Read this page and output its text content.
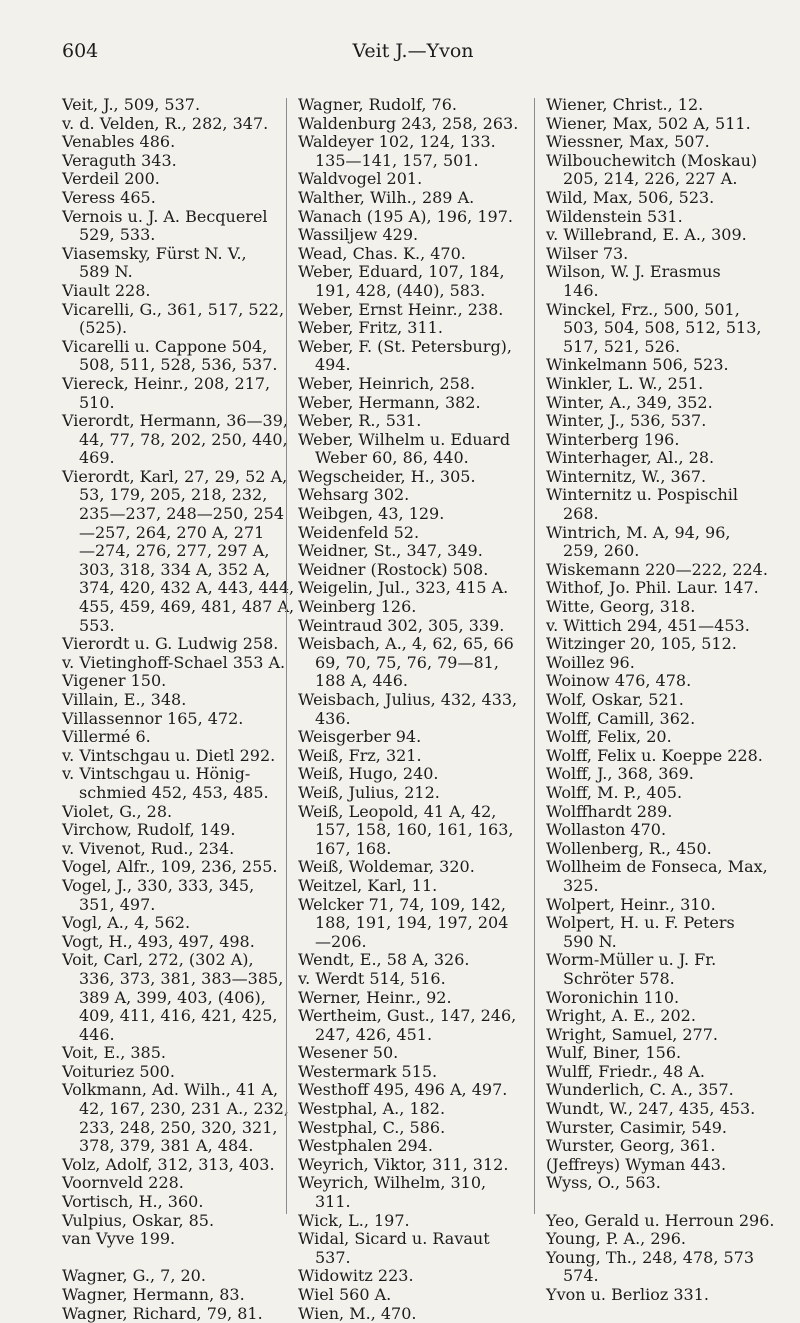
604	Veit J.—Yvon
Veit, J., 509, 537.
v. d. Velden, R., 282, 347.
Venables 486.
Veraguth 343.
Verdeil 200.
Veress 465.
Vernois u. J. A. Becquerel
529, 533.
Viasemsky, Fürst N. V.,
589 N.
Viault 228.
Vicarelli, G., 361, 517, 522,
(525).
Vicarelli u. Cappone 504,
508, 511, 528, 536, 537.
Viereck, Heinr., 208, 217,
510.
Vierordt, Hermann, 36—39,
44, 77, 78, 202, 250, 440,
469.
Vierordt, Karl, 27, 29, 52 A,
53, 179, 205, 218, 232,
235—237, 248—250, 254
—257, 264, 270 A, 271
—274, 276, 277, 297 A,
303, 318, 334 A, 352 A,
374, 420, 432 A, 443, 444,
455, 459, 469, 481, 487 A,
553.
Vierordt u. G. Ludwig 258.
v. Vietinghoff-Schael 353 A.
Vigener 150.
Villain, E., 348.
Villassennor 165, 472.
Villermé 6.
v. Vintschgau u. Dietl 292.
v. Vintschgau u. Hönig-
schmied 452, 453, 485.
Violet, G., 28.
Virchow, Rudolf, 149.
v. Vivenot, Rud., 234.
Vogel, Alfr., 109, 236, 255.
Vogel, J., 330, 333, 345,
351, 497.
Vogl, A., 4, 562.
Vogt, H., 493, 497, 498.
Voit, Carl, 272, (302 A),
336, 373, 381, 383—385,
389 A, 399, 403, (406),
409, 411, 416, 421, 425,
446.
Voit, E., 385.
Voituriez 500.
Volkmann, Ad. Wilh., 41 A,
42, 167, 230, 231 A., 232,
233, 248, 250, 320, 321,
378, 379, 381 A, 484.
Volz, Adolf, 312, 313, 403.
Voornveld 228.
Vortisch, H., 360.
Vulpius, Oskar, 85.
van Vyve 199.
Wagner, G., 7, 20.
Wagner, Hermann, 83.
Wagner, Richard, 79, 81.
Wagner, Rudolf, 76.
Waldenburg 243, 258, 263.
Waldeyer 102, 124, 133.
135—141, 157, 501.
Waldvogel 201.
Walther, Wilh., 289 A.
Wanach (195 A), 196, 197.
Wassiljew 429.
Wead, Chas. K., 470.
Weber, Eduard, 107, 184,
191, 428, (440), 583.
Weber, Ernst Heinr., 238.
Weber, Fritz, 311.
Weber, F. (St. Petersburg),
494.
Weber, Heinrich, 258.
Weber, Hermann, 382.
Weber, R., 531.
Weber, Wilhelm u. Eduard
Weber 60, 86, 440.
Wegscheider, H., 305.
Wehsarg 302.
Weibgen, 43, 129.
Weidenfeld 52.
Weidner, St., 347, 349.
Weidner (Rostock) 508.
Weigelin, Jul., 323, 415 A.
Weinberg 126.
Weintraud 302, 305, 339.
Weisbach, A., 4, 62, 65, 66
69, 70, 75, 76, 79—81,
188 A, 446.
Weisbach, Julius, 432, 433,
436.
Weisgerber 94.
Weiß, Frz, 321.
Weiß, Hugo, 240.
Weiß, Julius, 212.
Weiß, Leopold, 41 A, 42,
157, 158, 160, 161, 163,
167, 168.
Weiß, Woldemar, 320.
Weitzel, Karl, 11.
Welcker 71, 74, 109, 142,
188, 191, 194, 197, 204
—206.
Wendt, E., 58 A, 326.
v. Werdt 514, 516.
Werner, Heinr., 92.
Wertheim, Gust., 147, 246,
247, 426, 451.
Wesener 50.
Westermark 515.
Westhoff 495, 496 A, 497.
Westphal, A., 182.
Westphal, C., 586.
Westphalen 294.
Weyrich, Viktor, 311, 312.
Weyrich, Wilhelm, 310,
311.
Wick, L., 197.
Widal, Sicard u. Ravaut
537.
Widowitz 223.
Wiel 560 A.
Wien, M., 470.
Wiener, Christ., 12.
Wiener, Max, 502 A, 511.
Wiessner, Max, 507.
Wilbouchewitch (Moskau)
205, 214, 226, 227 A.
Wild, Max, 506, 523.
Wildenstein 531.
v. Willebrand, E. A., 309.
Wilser 73.
Wilson, W. J. Erasmus
146.
Winckel, Frz., 500, 501,
503, 504, 508, 512, 513,
517, 521, 526.
Winkelmann 506, 523.
Winkler, L. W., 251.
Winter, A., 349, 352.
Winter, J., 536, 537.
Winterberg 196.
Winterhager, Al., 28.
Winternitz, W., 367.
Winternitz u. Pospischil
268.
Wintrich, M. A, 94, 96,
259, 260.
Wiskemann 220—222, 224.
Withof, Jo. Phil. Laur. 147.
Witte, Georg, 318.
v. Wittich 294, 451—453.
Witzinger 20, 105, 512.
Woillez 96.
Woinow 476, 478.
Wolf, Oskar, 521.
Wolff, Camill, 362.
Wolff, Felix, 20.
Wolff, Felix u. Koeppe 228.
Wolff, J., 368, 369.
Wolff, M. P., 405.
Wolffhardt 289.
Wollaston 470.
Wollenberg, R., 450.
Wollheim de Fonseca, Max,
325.
Wolpert, Heinr., 310.
Wolpert, H. u. F. Peters
590 N.
Worm-Müller u. J. Fr.
Schröter 578.
Woronichin 110.
Wright, A. E., 202.
Wright, Samuel, 277.
Wulf, Biner, 156.
Wulff, Friedr., 48 A.
Wunderlich, C. A., 357.
Wundt, W., 247, 435, 453.
Wurster, Casimir, 549.
Wurster, Georg, 361.
(Jeffreys) Wyman 443.
Wyss, O., 563.
Yeo, Gerald u. Herroun 296.
Young, P. A., 296.
Young, Th., 248, 478, 573
574.
Yvon u. Berlioz 331.
